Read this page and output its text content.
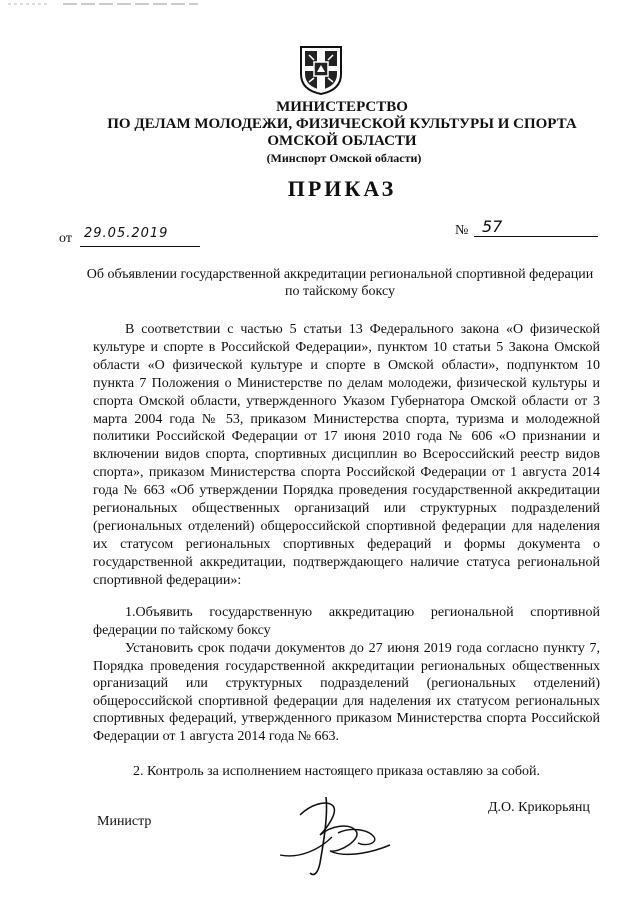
МИНИСТЕРСТВО
ПО ДЕЛАМ МОЛОДЕЖИ, ФИЗИЧЕСКОЙ КУЛЬТУРЫ И СПОРТА
ОМСКОЙ ОБЛАСТИ
(Минспорт Омской области)
ПРИКАЗ
от 29.05.2019	№ 57
Об объявлении государственной аккредитации региональной спортивной федерации по тайскому боксу

В соответствии с частью 5 статьи 13 Федерального закона «О физической культуре и спорте в Российской Федерации», пунктом 10 статьи 5 Закона Омской области «О физической культуре и спорте в Омской области», подпунктом 10 пункта 7 Положения о Министерстве по делам молодежи, физической культуры и спорта Омской области, утвержденного Указом Губернатора Омской области от 3 марта 2004 года № 53, приказом Министерства спорта, туризма и молодежной политики Российской Федерации от 17 июня 2010 года № 606 «О признании и включении видов спорта, спортивных дисциплин во Всероссийский реестр видов спорта», приказом Министерства спорта Российской Федерации от 1 августа 2014 года № 663 «Об утверждении Порядка проведения государственной аккредитации региональных общественных организаций или структурных подразделений (региональных отделений) общероссийской спортивной федерации для наделения их статусом региональных спортивных федераций и формы документа о государственной аккредитации, подтверждающего наличие статуса региональной спортивной федерации»:

1.Объявить государственную аккредитацию региональной спортивной федерации по тайскому боксу

Установить срок подачи документов до 27 июня 2019 года согласно пункту 7, Порядка проведения государственной аккредитации региональных общественных организаций или структурных подразделений (региональных отделений) общероссийской спортивной федерации для наделения их статусом региональных спортивных федераций, утвержденного приказом Министерства спорта Российской Федерации от 1 августа 2014 года № 663.

2. Контроль за исполнением настоящего приказа оставляю за собой.

Министр
Д.О. Крикорьянц
